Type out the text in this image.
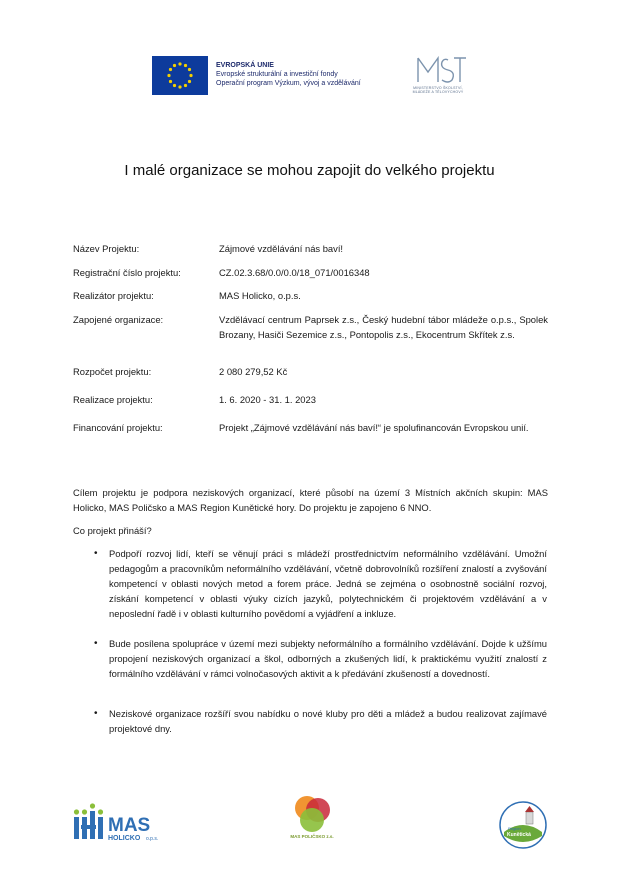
EVROPSKÁ UNIE
Evropské strukturální a investiční fondy
Operační program Výzkum, vývoj a vzdělávání
MINISTERSTVO ŠKOLSTVÍ,
MLÁDEŽE A TĚLOVÝCHOVY
I malé organizace se mohou zapojit do velkého projektu
Název Projektu:	Zájmové vzdělávání nás baví!
Registrační číslo projektu:	CZ.02.3.68/0.0/0.0/18_071/0016348
Realizátor projektu:	MAS Holicko, o.p.s.
Zapojené organizace:	Vzdělávací centrum Paprsek z.s., Český hudební tábor mládeže o.p.s., Spolek Brozany, Hasiči Sezemice z.s., Pontopolis z.s., Ekocentrum Skřítek z.s.
Rozpočet projektu:	2 080 279,52 Kč
Realizace projektu:	1. 6. 2020 - 31. 1. 2023
Financování projektu:	Projekt „Zájmové vzdělávání nás baví!“ je spolufinancován Evropskou unií.
Cílem projektu je podpora neziskových organizací, které působí na území 3 Místních akčních skupin: MAS Holicko, MAS Poličsko a MAS Region Kunětické hory. Do projektu je zapojeno 6 NNO.
Co projekt přináší?
• Podpoří rozvoj lidí, kteří se věnují práci s mládeží prostřednictvím neformálního vzdělávání. Umožní pedagogům a pracovníkům neformálního vzdělávání, včetně dobrovolníků rozšíření znalostí a zvyšování kompetencí v oblasti nových metod a forem práce. Jedná se zejména o osobnostně sociální rozvoj, získání kompetencí v oblasti výuky cizích jazyků, polytechnickém či projektovém vzdělávání a v neposlední řadě i v oblasti kulturního povědomí a vyjádření a inkluze.
• Bude posílena spolupráce v území mezi subjekty neformálního a formálního vzdělávání. Dojde k užšímu propojení neziskových organizací a škol, odborných a zkušených lidí, k praktickému využití znalostí z formálního vzdělávání v rámci volnočasových aktivit a k předávání zkušeností a dovedností.
• Neziskové organizace rozšíří svou nabídku o nové kluby pro děti a mládež a budou realizovat zajímavé projektové dny.
MAS
HOLICKO o.p.s.	MAS POLIČSKO z.s.
Region
Kunětická
